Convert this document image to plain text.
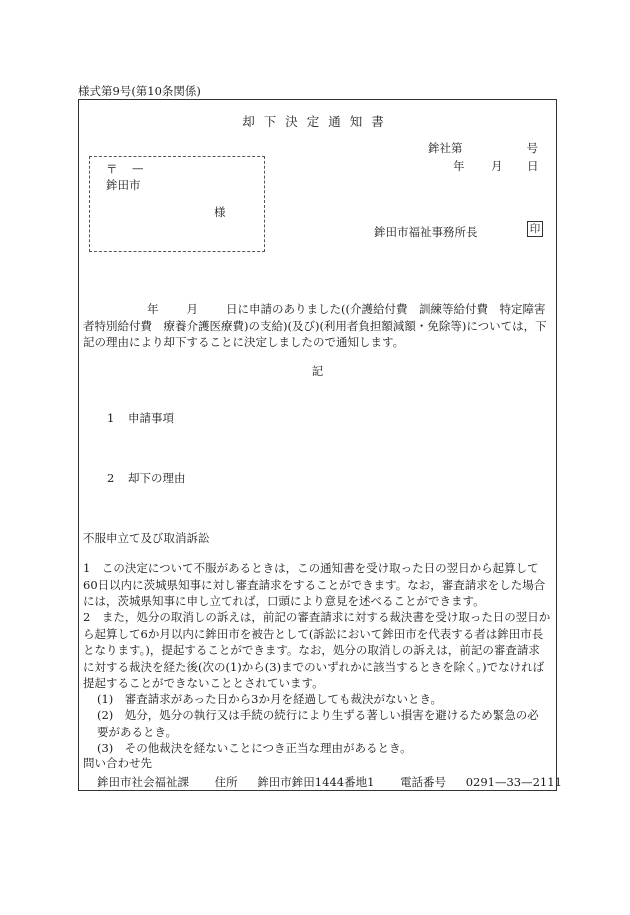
様式第9号(第10条関係)
却下決定通知書
鉾社第	号
年 月 日
〒 —
鉾田市
様
鉾田市福祉事務所長	印
年 月 日に申請のありました((介護給付費　訓練等給付費　特定障害者特別給付費　療養介護医療費)の支給)(及び)(利用者負担額減額・免除等)については，下記の理由により却下することに決定しましたので通知します。
記
1 申請事項
2 却下の理由
不服申立て及び取消訴訟
1　この決定について不服があるときは，この通知書を受け取った日の翌日から起算して60日以内に茨城県知事に対し審査請求をすることができます。なお，審査請求をした場合には，茨城県知事に申し立てれば，口頭により意見を述べることができます。
2　また，処分の取消しの訴えは，前記の審査請求に対する裁決書を受け取った日の翌日から起算して6か月以内に鉾田市を被告として(訴訟において鉾田市を代表する者は鉾田市長となります。)，提起することができます。なお，処分の取消しの訴えは，前記の審査請求に対する裁決を経た後(次の(1)から(3)までのいずれかに該当するときを除く。)でなければ提起することができないこととされています。
(1)　審査請求があった日から3か月を経過しても裁決がないとき。
(2)　処分，処分の執行又は手続の続行により生ずる著しい損害を避けるため緊急の必要があるとき。
(3)　その他裁決を経ないことにつき正当な理由があるとき。
問い合わせ先
鉾田市社会福祉課 住所 鉾田市鉾田1444番地1 電話番号 0291—33—2111
